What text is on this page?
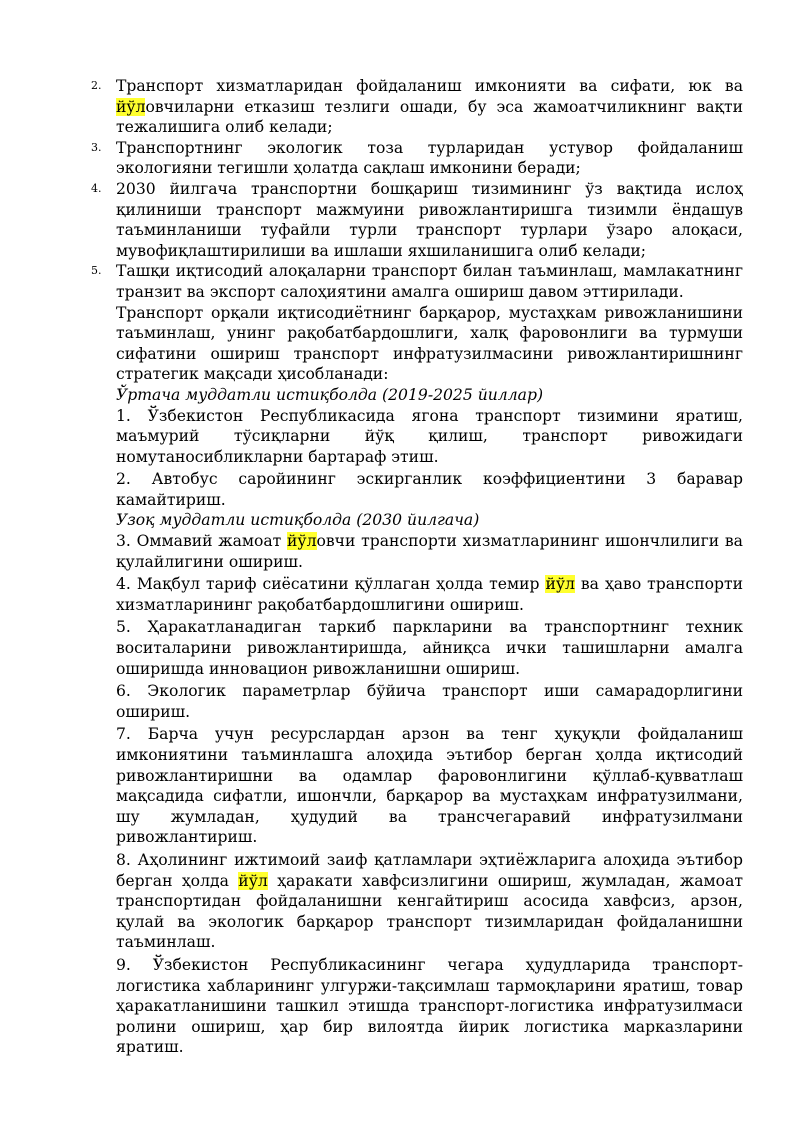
2. Транспорт хизматларидан фойдаланиш имконияти ва сифати, юк ва йўловчиларни етказиш тезлиги ошади, бу эса жамоатчиликнинг вақти тежалишига олиб келади;

3. Транспортнинг экологик тоза турларидан устувор фойдаланиш экологияни тегишли ҳолатда сақлаш имконини беради;

4. 2030 йилгача транспортни бошқариш тизимининг ўз вақтида ислоҳ қилиниши транспорт мажмуини ривожлантиришга тизимли ёндашув таъминланиши туфайли турли транспорт турлари ўзаро алоқаси, мувофиқлаштирилиши ва ишлаши яхшиланишига олиб келади;

5. Ташқи иқтисодий алоқаларни транспорт билан таъминлаш, мамлакатнинг транзит ва экспорт салоҳиятини амалга ошириш давом эттирилади.

Транспорт орқали иқтисодиётнинг барқарор, мустаҳкам ривожланишини таъминлаш, унинг рақобатбардошлиги, халқ фаровонлиги ва турмуши сифатини ошириш транспорт инфратузилмасини ривожлантиришнинг стратегик мақсади ҳисобланади:

Ўртача муддатли истиқболда (2019-2025 йиллар)

1. Ўзбекистон Республикасида ягона транспорт тизимини яратиш, маъмурий тўсиқларни йўқ қилиш, транспорт ривожидаги номутаносибликларни бартараф этиш.

2. Автобус саройининг эскирганлик коэффициентини 3 баравар камайтириш.

Узоқ муддатли истиқболда (2030 йилгача)

3. Оммавий жамоат йўловчи транспорти хизматларининг ишончлилиги ва қулайлигини ошириш.

4. Мақбул тариф сиёсатини қўллаган ҳолда темир йўл ва ҳаво транспорти хизматларининг рақобатбардошлигини ошириш.

5. Ҳаракатланадиган таркиб паркларини ва транспортнинг техник воситаларини ривожлантиришда, айниқса ички ташишларни амалга оширишда инновацион ривожланишни ошириш.

6. Экологик параметрлар бўйича транспорт иши самарадорлигини ошириш.

7. Барча учун ресурслардан арзон ва тенг ҳуқуқли фойдаланиш имкониятини таъминлашга алоҳида эътибор берган ҳолда иқтисодий ривожлантиришни ва одамлар фаровонлигини қўллаб-қувватлаш мақсадида сифатли, ишончли, барқарор ва мустаҳкам инфратузилмани, шу жумладан, ҳудудий ва трансчегаравий инфратузилмани ривожлантириш.

8. Аҳолининг ижтимоий заиф қатламлари эҳтиёжларига алоҳида эътибор берган ҳолда йўл ҳаракати хавфсизлигини ошириш, жумладан, жамоат транспортидан фойдаланишни кенгайтириш асосида хавфсиз, арзон, қулай ва экологик барқарор транспорт тизимларидан фойдаланишни таъминлаш.

9. Ўзбекистон Республикасининг чегара ҳудудларида транспорт-логистика хабларининг улгуржи-тақсимлаш тармоқларини яратиш, товар ҳаракатланишини ташкил этишда транспорт-логистика инфратузилмаси ролини ошириш, ҳар бир вилоятда йирик логистика марказларини яратиш.
